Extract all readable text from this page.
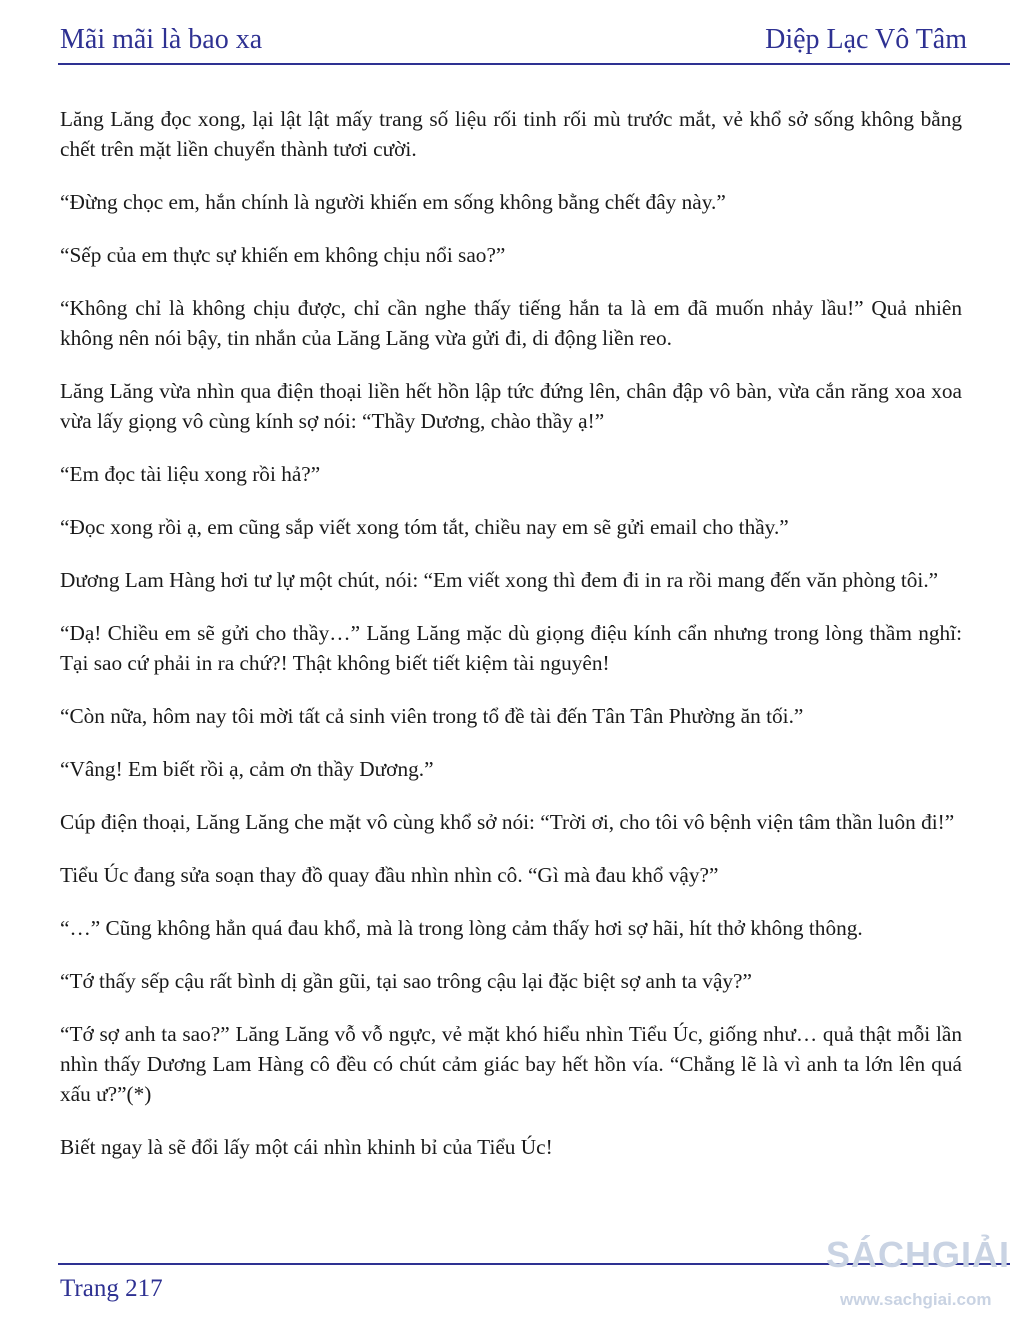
Mãi mãi là bao xa	Diệp Lạc Vô Tâm

Lăng Lăng đọc xong, lại lật lật mấy trang số liệu rối tinh rối mù trước mắt, vẻ khổ sở sống không bằng chết trên mặt liền chuyển thành tươi cười.

“Đừng chọc em, hắn chính là người khiến em sống không bằng chết đây này.”

“Sếp của em thực sự khiến em không chịu nổi sao?”

“Không chỉ là không chịu được, chỉ cần nghe thấy tiếng hắn ta là em đã muốn nhảy lầu!” Quả nhiên không nên nói bậy, tin nhắn của Lăng Lăng vừa gửi đi, di động liền reo.

Lăng Lăng vừa nhìn qua điện thoại liền hết hồn lập tức đứng lên, chân đập vô bàn, vừa cắn răng xoa xoa vừa lấy giọng vô cùng kính sợ nói: “Thầy Dương, chào thầy ạ!”

“Em đọc tài liệu xong rồi hả?”

“Đọc xong rồi ạ, em cũng sắp viết xong tóm tắt, chiều nay em sẽ gửi email cho thầy.”

Dương Lam Hàng hơi tư lự một chút, nói: “Em viết xong thì đem đi in ra rồi mang đến văn phòng tôi.”

“Dạ! Chiều em sẽ gửi cho thầy…” Lăng Lăng mặc dù giọng điệu kính cẩn nhưng trong lòng thầm nghĩ: Tại sao cứ phải in ra chứ?! Thật không biết tiết kiệm tài nguyên!

“Còn nữa, hôm nay tôi mời tất cả sinh viên trong tổ đề tài đến Tân Tân Phường ăn tối.”

“Vâng! Em biết rồi ạ, cảm ơn thầy Dương.”

Cúp điện thoại, Lăng Lăng che mặt vô cùng khổ sở nói: “Trời ơi, cho tôi vô bệnh viện tâm thần luôn đi!”

Tiểu Úc đang sửa soạn thay đồ quay đầu nhìn nhìn cô. “Gì mà đau khổ vậy?”

“…” Cũng không hẳn quá đau khổ, mà là trong lòng cảm thấy hơi sợ hãi, hít thở không thông.

“Tớ thấy sếp cậu rất bình dị gần gũi, tại sao trông cậu lại đặc biệt sợ anh ta vậy?”

“Tớ sợ anh ta sao?” Lăng Lăng vỗ vỗ ngực, vẻ mặt khó hiểu nhìn Tiểu Úc, giống như… quả thật mỗi lần nhìn thấy Dương Lam Hàng cô đều có chút cảm giác bay hết hồn vía. “Chẳng lẽ là vì anh ta lớn lên quá xấu ư?”(*)

Biết ngay là sẽ đổi lấy một cái nhìn khinh bỉ của Tiểu Úc!

Trang 217
SÁCHGIẢI
www.sachgiai.com
